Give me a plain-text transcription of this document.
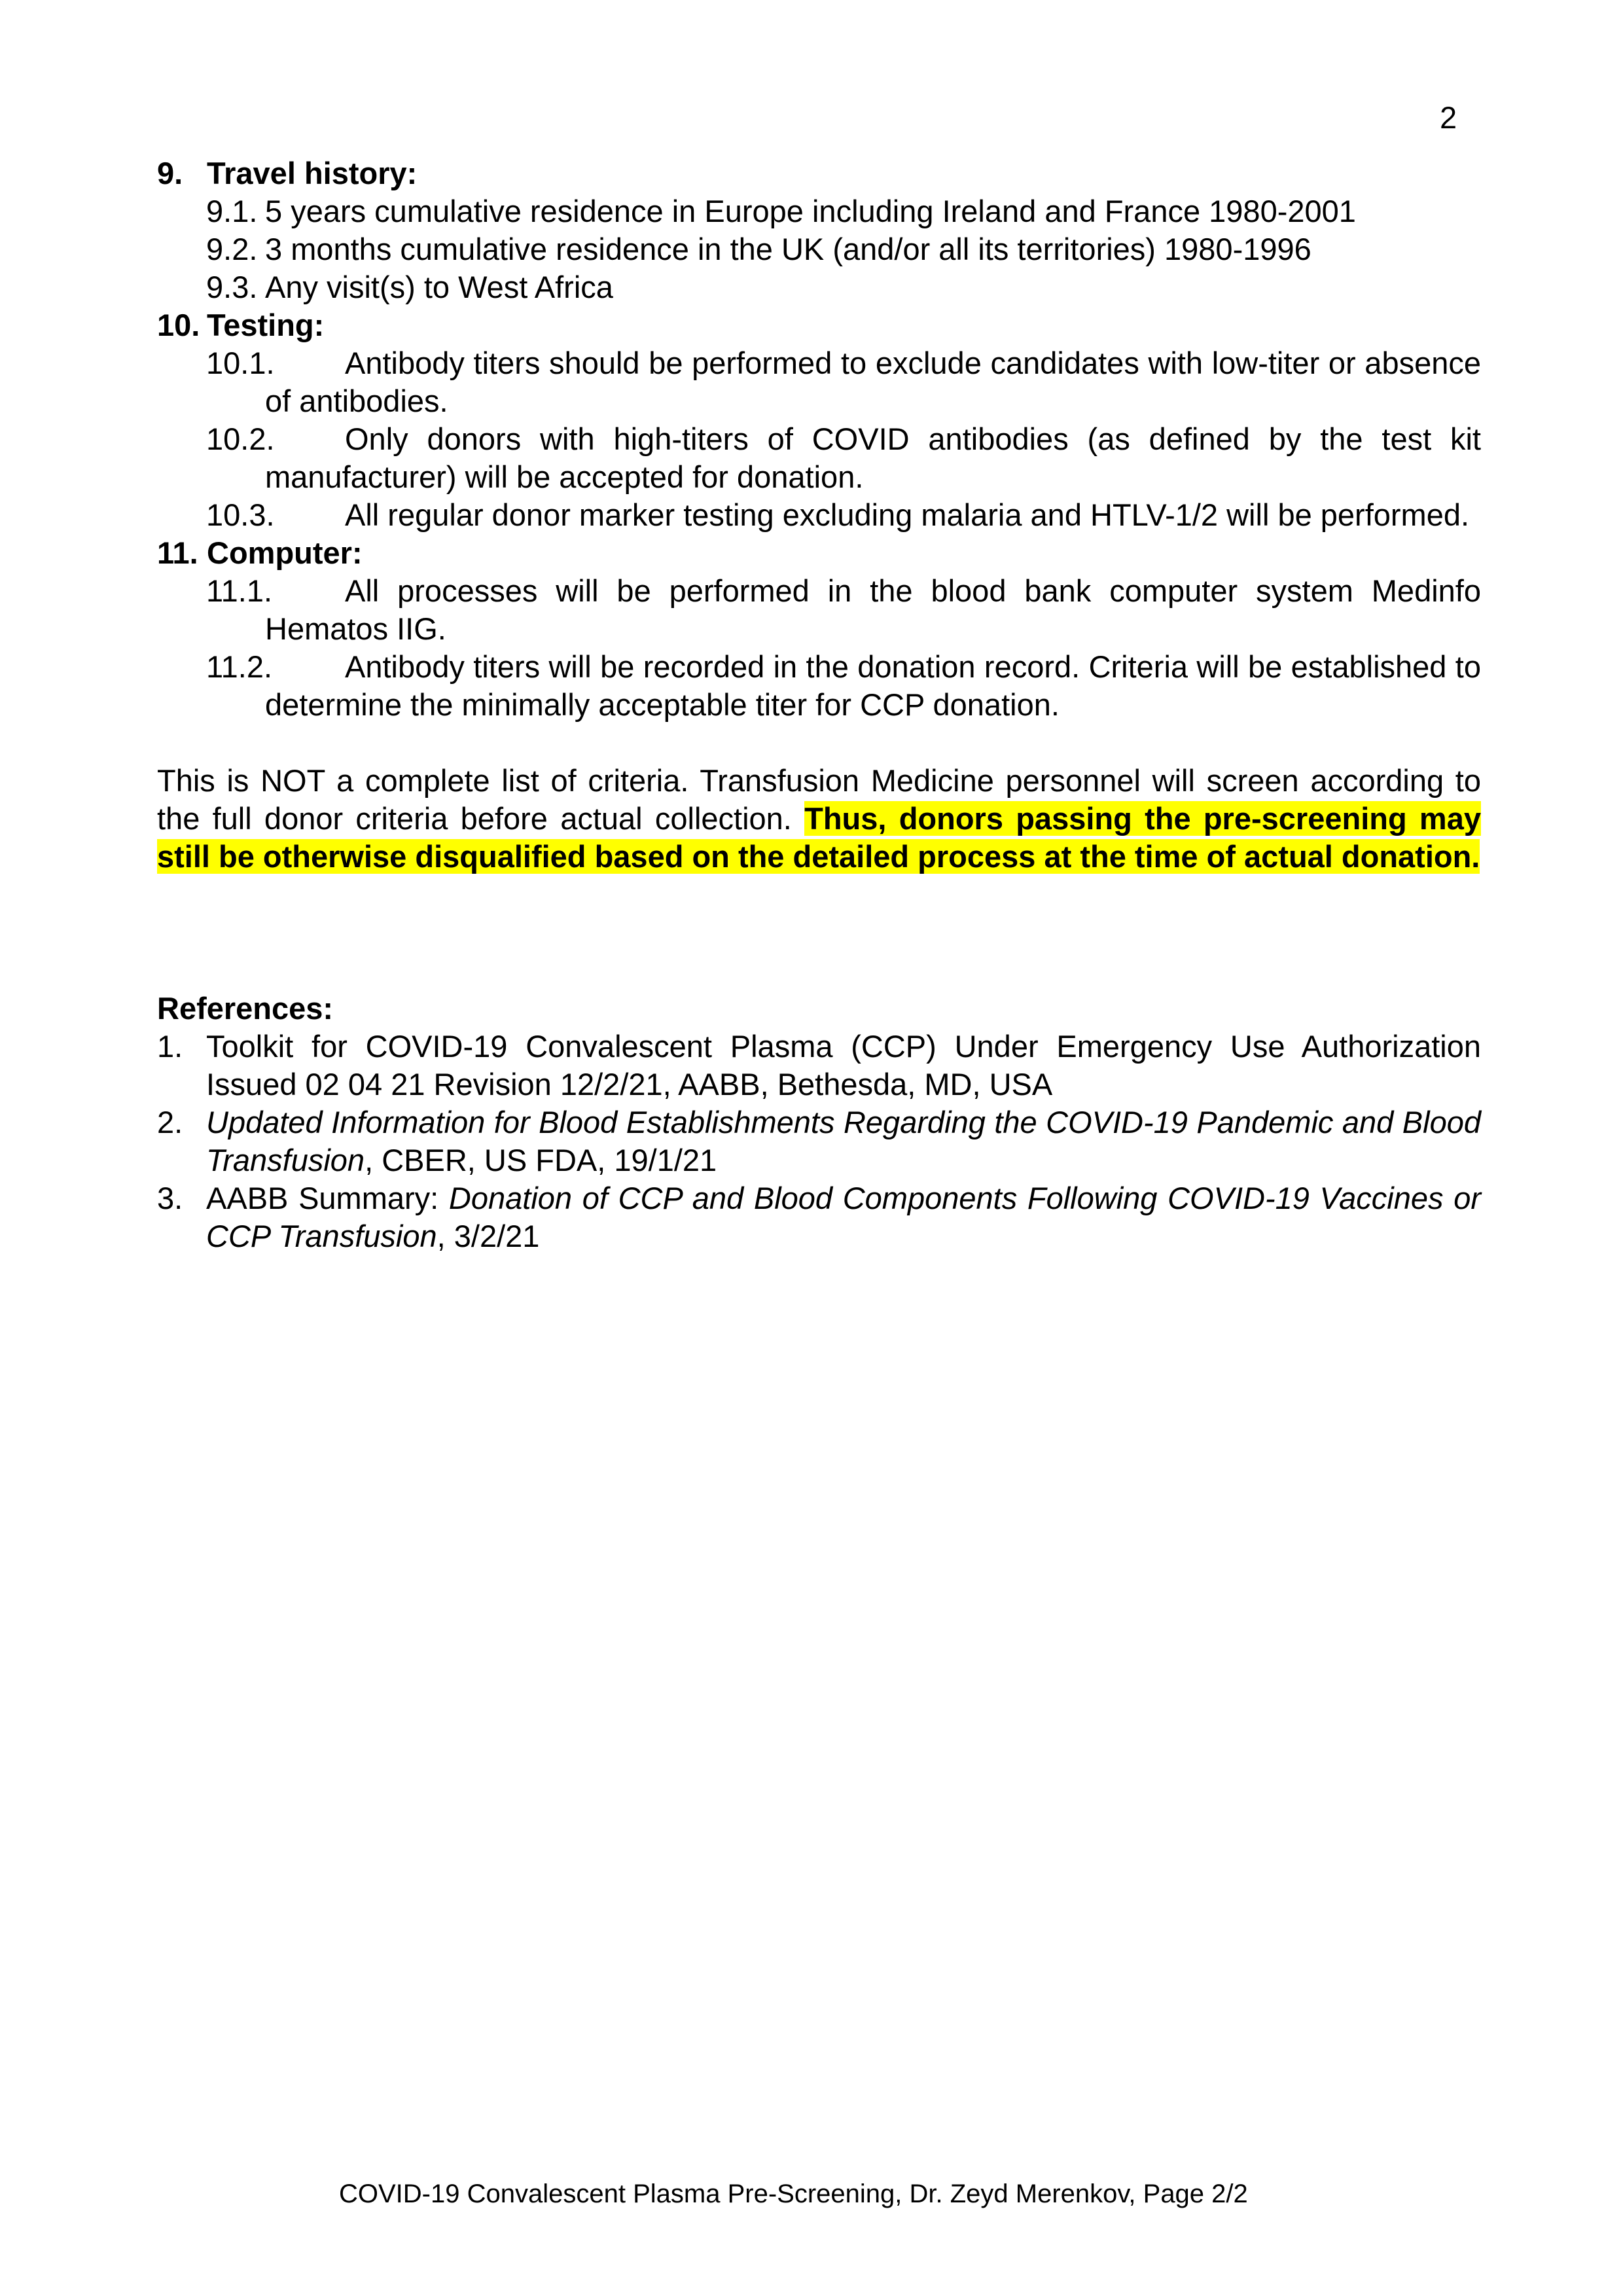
2
9. Travel history:
9.1. 5 years cumulative residence in Europe including Ireland and France 1980-2001
9.2. 3 months cumulative residence in the UK (and/or all its territories) 1980-1996
9.3. Any visit(s) to West Africa
10. Testing:
10.1. Antibody titers should be performed to exclude candidates with low-titer or absence of antibodies.
10.2. Only donors with high-titers of COVID antibodies (as defined by the test kit manufacturer) will be accepted for donation.
10.3. All regular donor marker testing excluding malaria and HTLV-1/2 will be performed.
11. Computer:
11.1. All processes will be performed in the blood bank computer system Medinfo Hematos IIG.
11.2. Antibody titers will be recorded in the donation record. Criteria will be established to determine the minimally acceptable titer for CCP donation.
This is NOT a complete list of criteria. Transfusion Medicine personnel will screen according to the full donor criteria before actual collection. Thus, donors passing the pre-screening may still be otherwise disqualified based on the detailed process at the time of actual donation.
References:
1. Toolkit for COVID-19 Convalescent Plasma (CCP) Under Emergency Use Authorization Issued 02 04 21 Revision 12/2/21, AABB, Bethesda, MD, USA
2. Updated Information for Blood Establishments Regarding the COVID-19 Pandemic and Blood Transfusion, CBER, US FDA, 19/1/21
3. AABB Summary: Donation of CCP and Blood Components Following COVID-19 Vaccines or CCP Transfusion, 3/2/21
COVID-19 Convalescent Plasma Pre-Screening, Dr. Zeyd Merenkov, Page 2/2
